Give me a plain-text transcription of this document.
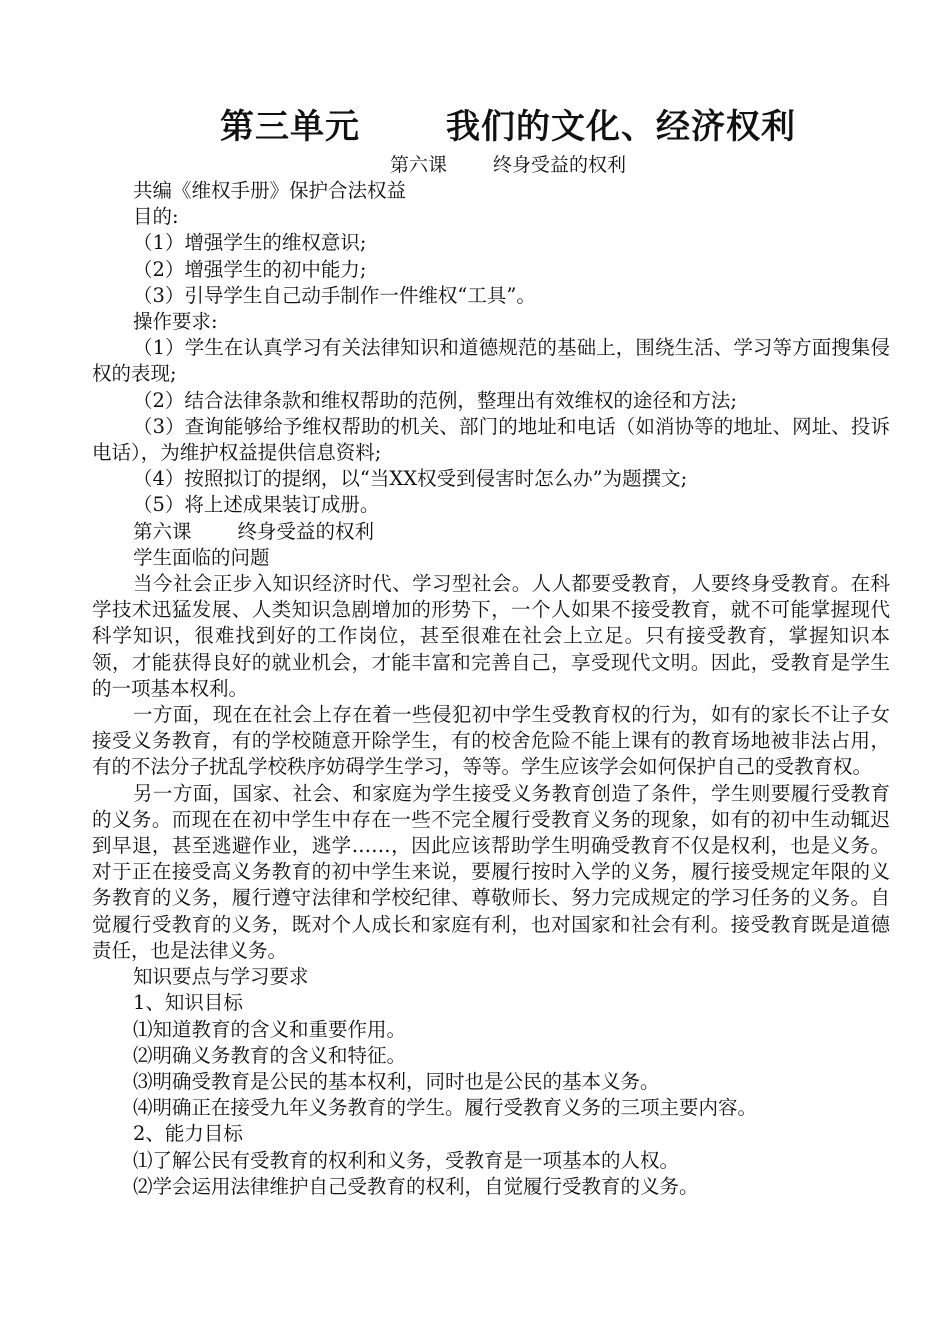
第三单元	我们的文化、经济权利
第六课 终身受益的权利

共编《维权手册》保护合法权益

目的:

（1）增强学生的维权意识;

（2）增强学生的初中能力;

（3）引导学生自己动手制作一件维权“工具”。

操作要求:

（1）学生在认真学习有关法律知识和道德规范的基础上，围绕生活、学习等方面搜集侵权的表现;

（2）结合法律条款和维权帮助的范例，整理出有效维权的途径和方法;

（3）查询能够给予维权帮助的机关、部门的地址和电话（如消协等的地址、网址、投诉电话），为维护权益提供信息资料;

（4）按照拟订的提纲，以“当XX权受到侵害时怎么办”为题撰文;

（5）将上述成果装订成册。

第六课 终身受益的权利

学生面临的问题

当今社会正步入知识经济时代、学习型社会。人人都要受教育，人要终身受教育。在科学技术迅猛发展、人类知识急剧增加的形势下，一个人如果不接受教育，就不可能掌握现代科学知识，很难找到好的工作岗位，甚至很难在社会上立足。只有接受教育，掌握知识本领，才能获得良好的就业机会，才能丰富和完善自己，享受现代文明。因此，受教育是学生的一项基本权利。

一方面，现在在社会上存在着一些侵犯初中学生受教育权的行为，如有的家长不让子女接受义务教育，有的学校随意开除学生，有的校舍危险不能上课有的教育场地被非法占用，有的不法分子扰乱学校秩序妨碍学生学习，等等。学生应该学会如何保护自己的受教育权。

另一方面，国家、社会、和家庭为学生接受义务教育创造了条件，学生则要履行受教育的义务。而现在在初中学生中存在一些不完全履行受教育义务的现象，如有的初中生动辄迟到早退，甚至逃避作业，逃学……，因此应该帮助学生明确受教育不仅是权利，也是义务。对于正在接受高义务教育的初中学生来说，要履行按时入学的义务，履行接受规定年限的义务教育的义务，履行遵守法律和学校纪律、尊敬师长、努力完成规定的学习任务的义务。自觉履行受教育的义务，既对个人成长和家庭有利，也对国家和社会有利。接受教育既是道德责任，也是法律义务。

知识要点与学习要求

1、知识目标

⑴知道教育的含义和重要作用。

⑵明确义务教育的含义和特征。

⑶明确受教育是公民的基本权利，同时也是公民的基本义务。

⑷明确正在接受九年义务教育的学生。履行受教育义务的三项主要内容。

2、能力目标

⑴了解公民有受教育的权利和义务，受教育是一项基本的人权。

⑵学会运用法律维护自己受教育的权利，自觉履行受教育的义务。
